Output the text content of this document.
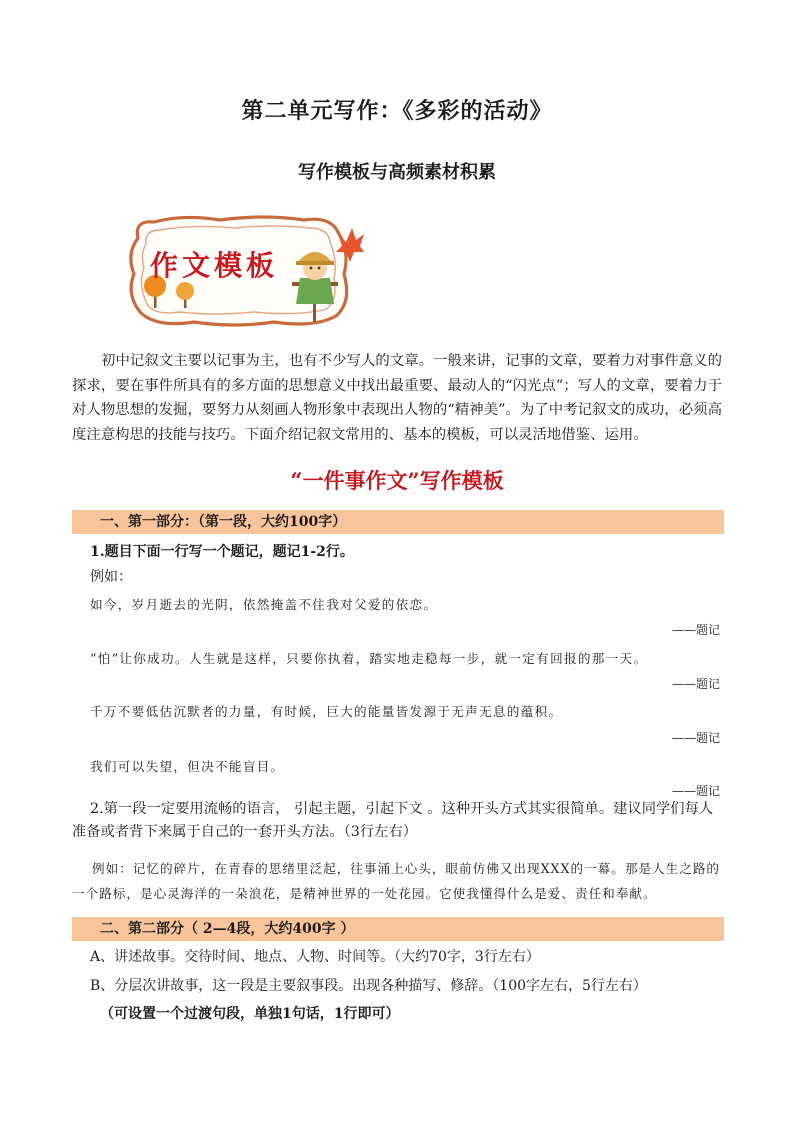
第二单元写作：《多彩的活动》
写作模板与高频素材积累
作文模板
初中记叙文主要以记事为主，也有不少写人的文章。一般来讲，记事的文章，要着力对事件意义的探求，要在事件所具有的多方面的思想意义中找出最重要、最动人的“闪光点”；写人的文章，要着力于对人物思想的发掘，要努力从刻画人物形象中表现出人物的“精神美”。为了中考记叙文的成功，必须高度注意构思的技能与技巧。下面介绍记叙文常用的、基本的模板，可以灵活地借鉴、运用。
“一件事作文”写作模板
一、第一部分：（第一段，大约100字）
1.题目下面一行写一个题记，题记1-2行。
例如：
如今，岁月逝去的光阴，依然掩盖不住我对父爱的依恋。
——题记
“怕”让你成功。人生就是这样，只要你执着，踏实地走稳每一步，就一定有回报的那一天。
——题记
千万不要低估沉默者的力量，有时候，巨大的能量皆发源于无声无息的蕴积。
——题记
我们可以失望，但决不能盲目。
——题记
2.第一段一定要用流畅的语言， 引起主题，引起下文 。这种开头方式其实很简单。建议同学们每人准备或者背下来属于自己的一套开头方法。（3行左右）
例如：记忆的碎片，在青春的思绪里泛起，往事涌上心头，眼前仿佛又出现XXX的一幕。那是人生之路的一个路标，是心灵海洋的一朵浪花，是精神世界的一处花园。它使我懂得什么是爱、责任和奉献。
二、第二部分（ 2—4段，大约400字 ）
A、讲述故事。交待时间、地点、人物、时间等。（大约70字，3行左右）
B、分层次讲故事，这一段是主要叙事段。出现各种描写、修辞。（100字左右，5行左右）
（可设置一个过渡句段，单独1句话，1行即可）
